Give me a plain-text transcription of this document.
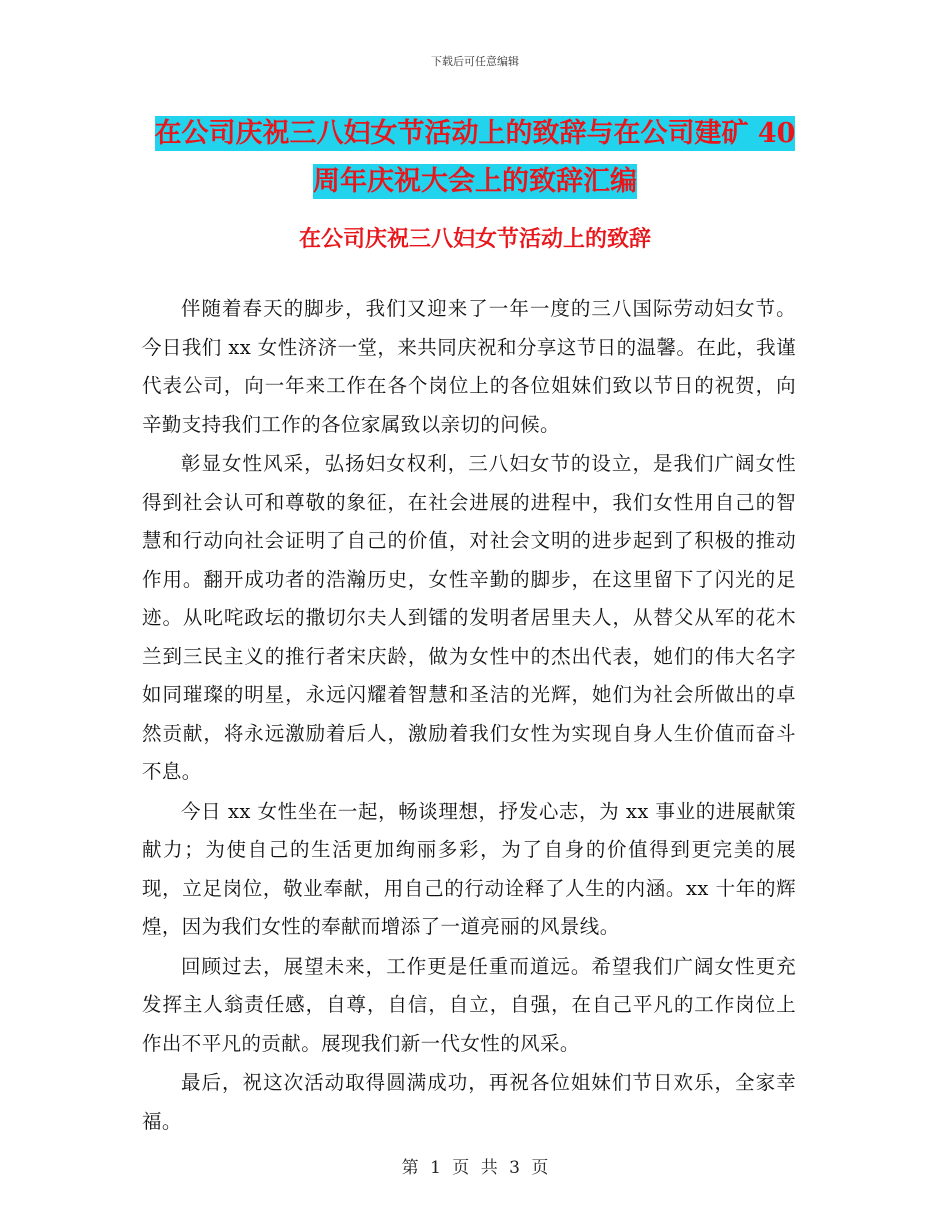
下载后可任意编辑
在公司庆祝三八妇女节活动上的致辞与在公司建矿 40 周年庆祝大会上的致辞汇编
在公司庆祝三八妇女节活动上的致辞

伴随着春天的脚步，我们又迎来了一年一度的三八国际劳动妇女节。今日我们 xx 女性济济一堂，来共同庆祝和分享这节日的温馨。在此，我谨代表公司，向一年来工作在各个岗位上的各位姐妹们致以节日的祝贺，向辛勤支持我们工作的各位家属致以亲切的问候。

彰显女性风采，弘扬妇女权利，三八妇女节的设立，是我们广阔女性得到社会认可和尊敬的象征，在社会进展的进程中，我们女性用自己的智慧和行动向社会证明了自己的价值，对社会文明的进步起到了积极的推动作用。翻开成功者的浩瀚历史，女性辛勤的脚步，在这里留下了闪光的足迹。从叱咤政坛的撒切尔夫人到镭的发明者居里夫人，从替父从军的花木兰到三民主义的推行者宋庆龄，做为女性中的杰出代表，她们的伟大名字如同璀璨的明星，永远闪耀着智慧和圣洁的光辉，她们为社会所做出的卓然贡献，将永远激励着后人，激励着我们女性为实现自身人生价值而奋斗不息。

今日 xx 女性坐在一起，畅谈理想，抒发心志，为 xx 事业的进展献策献力；为使自己的生活更加绚丽多彩，为了自身的价值得到更完美的展现，立足岗位，敬业奉献，用自己的行动诠释了人生的内涵。xx 十年的辉煌，因为我们女性的奉献而增添了一道亮丽的风景线。

回顾过去，展望未来，工作更是任重而道远。希望我们广阔女性更充发挥主人翁责任感，自尊，自信，自立，自强，在自己平凡的工作岗位上作出不平凡的贡献。展现我们新一代女性的风采。

最后，祝这次活动取得圆满成功，再祝各位姐妹们节日欢乐，全家幸福。

第 1 页 共 3 页
